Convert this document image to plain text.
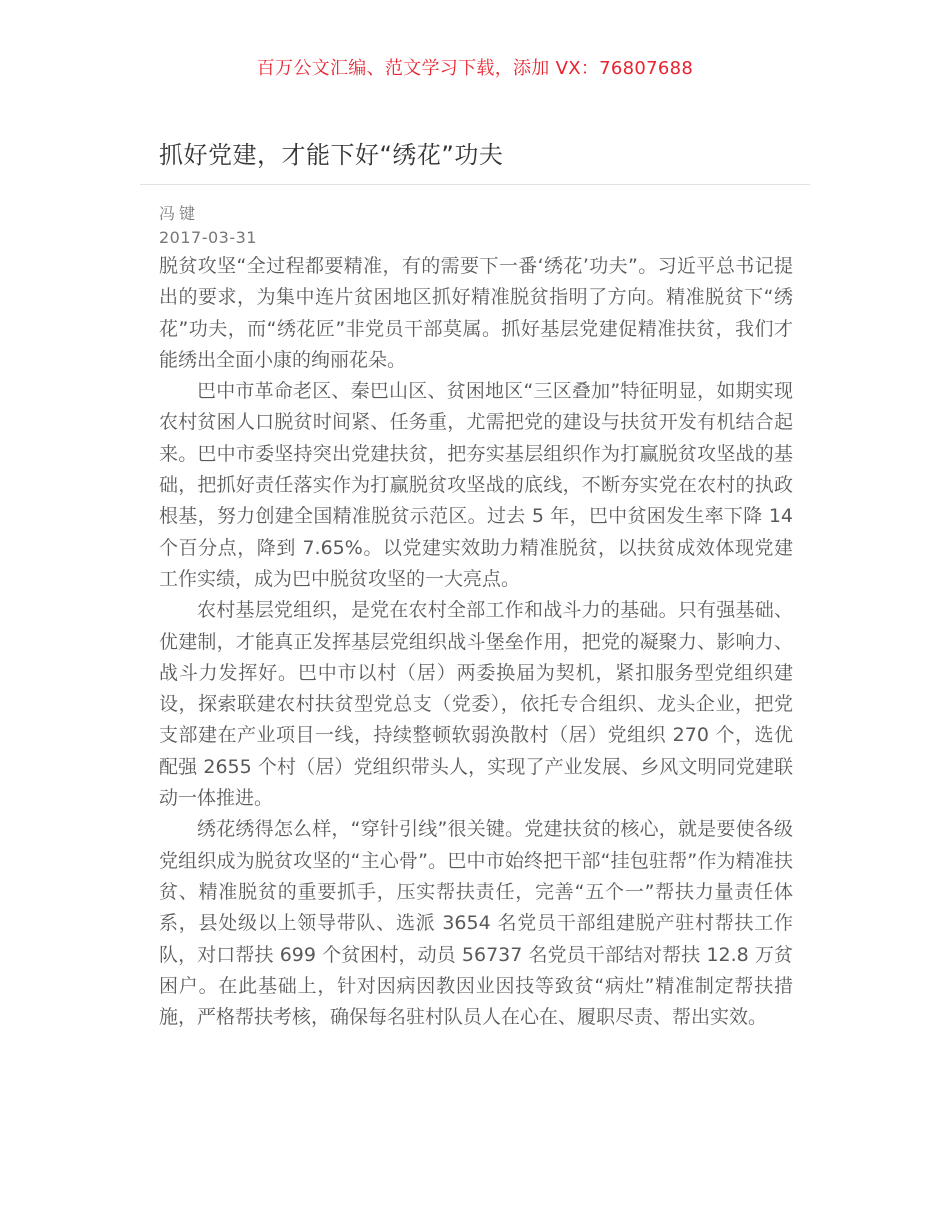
百万公文汇编、范文学习下载，添加 VX：76807688
抓好党建，才能下好“绣花”功夫
冯键
2017-03-31

脱贫攻坚“全过程都要精准，有的需要下一番‘绣花’功夫”。习近平总书记提出的要求，为集中连片贫困地区抓好精准脱贫指明了方向。精准脱贫下“绣花”功夫，而“绣花匠”非党员干部莫属。抓好基层党建促精准扶贫，我们才能绣出全面小康的绚丽花朵。

巴中市革命老区、秦巴山区、贫困地区“三区叠加”特征明显，如期实现农村贫困人口脱贫时间紧、任务重，尤需把党的建设与扶贫开发有机结合起来。巴中市委坚持突出党建扶贫，把夯实基层组织作为打赢脱贫攻坚战的基础，把抓好责任落实作为打赢脱贫攻坚战的底线，不断夯实党在农村的执政根基，努力创建全国精准脱贫示范区。过去 5 年，巴中贫困发生率下降 14 个百分点，降到 7.65%。以党建实效助力精准脱贫，以扶贫成效体现党建工作实绩，成为巴中脱贫攻坚的一大亮点。

农村基层党组织，是党在农村全部工作和战斗力的基础。只有强基础、优建制，才能真正发挥基层党组织战斗堡垒作用，把党的凝聚力、影响力、战斗力发挥好。巴中市以村（居）两委换届为契机，紧扣服务型党组织建设，探索联建农村扶贫型党总支（党委），依托专合组织、龙头企业，把党支部建在产业项目一线，持续整顿软弱涣散村（居）党组织 270 个，选优配强 2655 个村（居）党组织带头人，实现了产业发展、乡风文明同党建联动一体推进。

绣花绣得怎么样，“穿针引线”很关键。党建扶贫的核心，就是要使各级党组织成为脱贫攻坚的“主心骨”。巴中市始终把干部“挂包驻帮”作为精准扶贫、精准脱贫的重要抓手，压实帮扶责任，完善“五个一”帮扶力量责任体系，县处级以上领导带队、选派 3654 名党员干部组建脱产驻村帮扶工作队，对口帮扶 699 个贫困村，动员 56737 名党员干部结对帮扶 12.8 万贫困户。在此基础上，针对因病因教因业因技等致贫“病灶”精准制定帮扶措施，严格帮扶考核，确保每名驻村队员人在心在、履职尽责、帮出实效。
